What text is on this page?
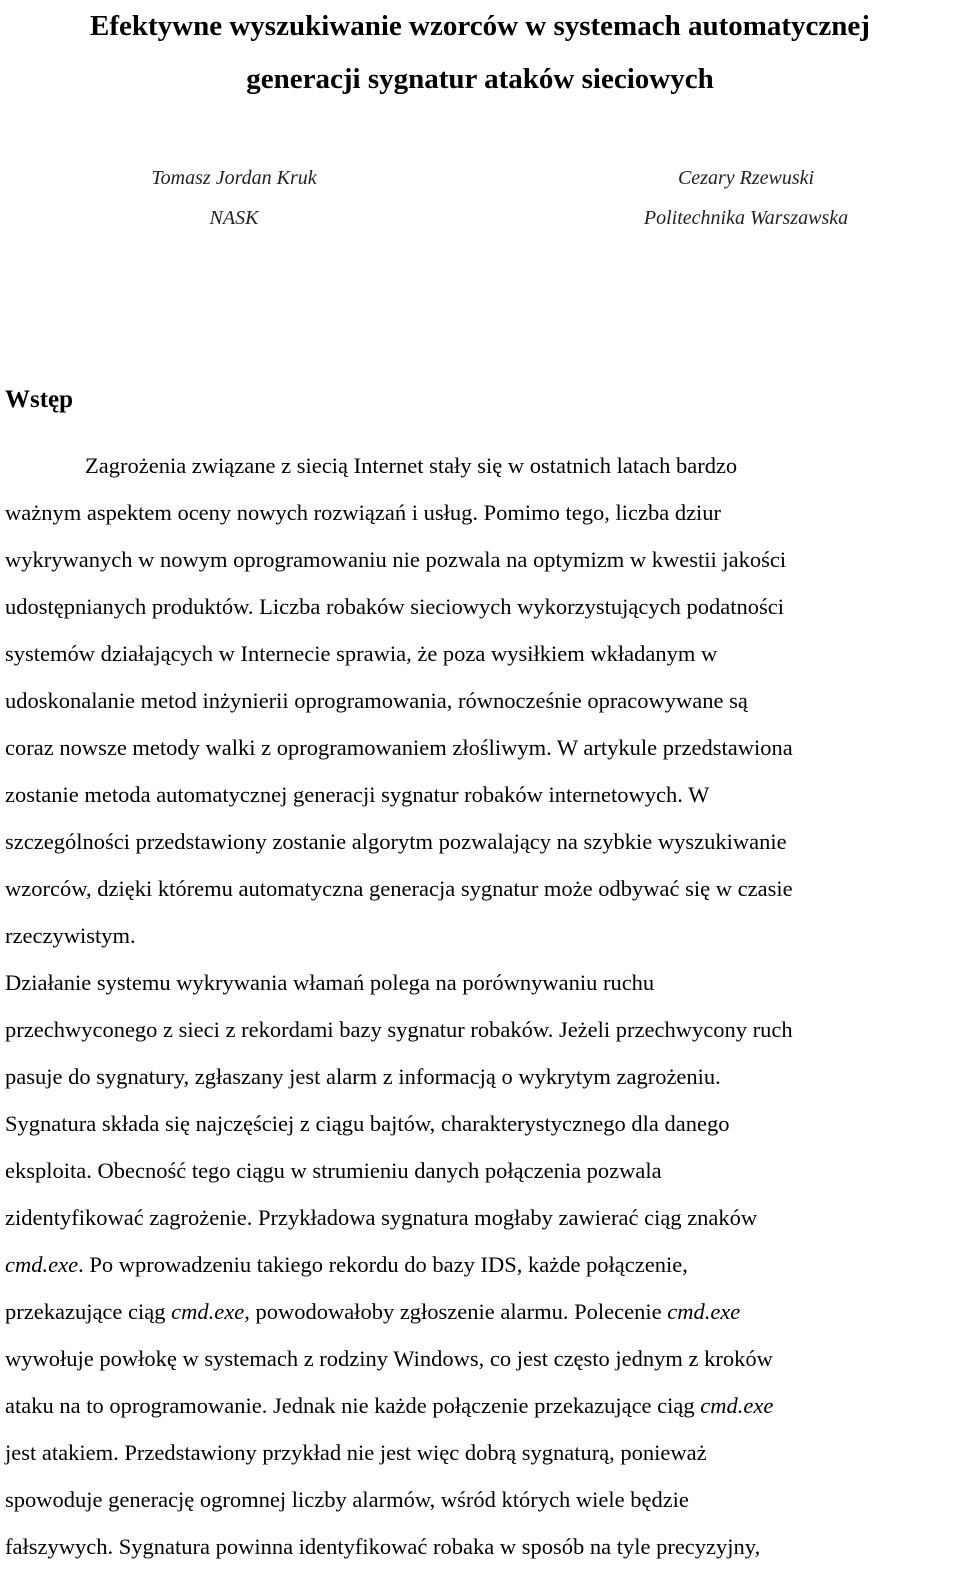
Efektywne wyszukiwanie wzorców w systemach automatycznej
generacji sygnatur ataków sieciowych
Tomasz Jordan Kruk
NASK
Cezary Rzewuski
Politechnika Warszawska
Wstęp
Zagrożenia związane z siecią Internet stały się w ostatnich latach bardzo
ważnym aspektem oceny nowych rozwiązań i usług. Pomimo tego, liczba dziur
wykrywanych w nowym oprogramowaniu nie pozwala na optymizm w kwestii jakości
udostępnianych produktów. Liczba robaków sieciowych wykorzystujących podatności
systemów działających w Internecie sprawia, że poza wysiłkiem wkładanym w
udoskonalanie metod inżynierii oprogramowania, równocześnie opracowywane są
coraz nowsze metody walki z oprogramowaniem złośliwym. W artykule przedstawiona
zostanie metoda automatycznej generacji sygnatur robaków internetowych. W
szczególności przedstawiony zostanie algorytm pozwalający na szybkie wyszukiwanie
wzorców, dzięki któremu automatyczna generacja sygnatur może odbywać się w czasie
rzeczywistym.
Działanie systemu wykrywania włamań polega na porównywaniu ruchu
przechwyconego z sieci z rekordami bazy sygnatur robaków. Jeżeli przechwycony ruch
pasuje do sygnatury, zgłaszany jest alarm z informacją o wykrytym zagrożeniu.
Sygnatura składa się najczęściej z ciągu bajtów, charakterystycznego dla danego
eksploita. Obecność tego ciągu w strumieniu danych połączenia pozwala
zidentyfikować zagrożenie. Przykładowa sygnatura mogłaby zawierać ciąg znaków
cmd.exe. Po wprowadzeniu takiego rekordu do bazy IDS, każde połączenie,
przekazujące ciąg cmd.exe, powodowałoby zgłoszenie alarmu. Polecenie cmd.exe
wywołuje powłokę w systemach z rodziny Windows, co jest często jednym z kroków
ataku na to oprogramowanie. Jednak nie każde połączenie przekazujące ciąg cmd.exe
jest atakiem. Przedstawiony przykład nie jest więc dobrą sygnaturą, ponieważ
spowoduje generację ogromnej liczby alarmów, wśród których wiele będzie
fałszywych. Sygnatura powinna identyfikować robaka w sposób na tyle precyzyjny,
